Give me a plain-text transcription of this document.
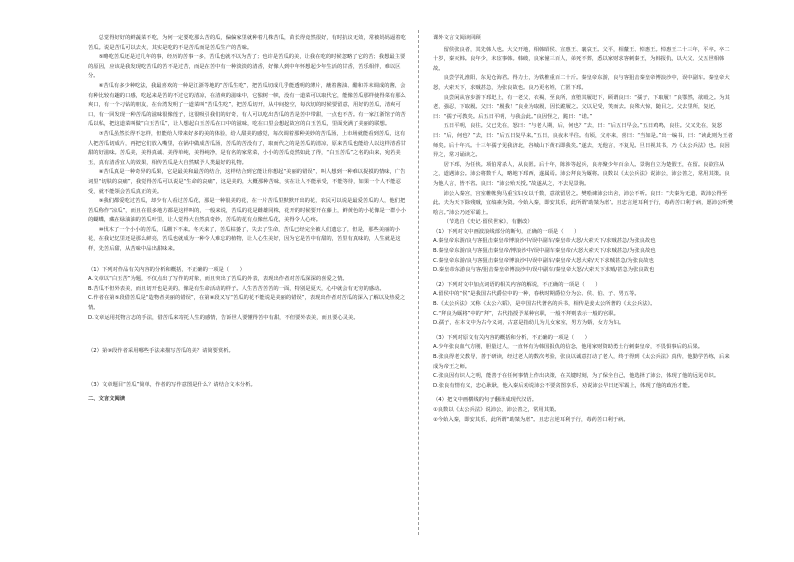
总觉得好好的鲜蔬菜不吃，为何一定要吃那么苦的瓜，偏偏家里就种着几株苦瓜，苗长得竟然很好，有时抗议无效，常被妈妈逼着吃苦瓜。说是苦瓜可以去火，其实是吃的不是苦瓜而是苦瓜生产的苦味。

⑤略吃苦瓜还是过几年的事，经历的苦事一多，苦瓜也就不以为苦了；也许是苦瓜的美，让我在吃的时候忽略了它的苦；我想最主要的原因，应该是我发现吃苦瓜的苦不是过苦，而是在苦中有一种淡淡的清香，好像人到中年怀想起少年生活的甘香，苦乐相伴，难以区分。

⑥苦瓜有多少种吃法，我最喜欢的一种是江浙等地的“苦瓜生吃”，把苦瓜切成几乎能透明的薄片，蘸着酱油、醋和芥末调成的酱，会有种比较有趣的口感，吃起来是苦的不过它的清凉，在清爽的滋味中，它独树一帜，没有一道菜可以取代它，能像苦瓜那样使得菜有那么爽口，有一个刁钻的朋友，在台湾发明了一道菜叫“苦瓜生吃”，把苦瓜切开，从中间挖空，每次切的时候要留意，用好的苦瓜，清爽可口，有一回发现一种苦瓜的滋味很像莲子，这很吸引我们的好奇，有人可以吃出苦瓜的苦是苦中带甜，一点也不苦。有一家江浙馆子的苦瓜以私，把这道菜叫做“白玉苦瓜”，让人想起白玉苦瓜在口中的滋味，吃在口里会想起故宫的白玉苦瓜，里面充满了美丽的联想。

⑦苦瓜虽然长得不怎样，但能给人带来好多的美的体验，给人甜美的感觉，每次调着那种美妙的苦瓜汤，上市场就能看到苦瓜，这有人把苦瓜切成片，再把它们放入嘴里，在锅中做成苦瓜汤，苦瓜的苦没有了，取而代之的是苦瓜的清凉，原来苦瓜也能给人以这样清香甘甜的好滋味。苦瓜美，美得真诚、美得单纯，美得纯净，是有名的家常菜，小小的苦瓜竟然如此了得，“白玉苦瓜”之名的由来，宛若美玉，真有清香宜人的效果，相传苦瓜是大自然赋予人类最好的礼物。

⑧苦瓜真是一种奇异的瓜果，它是最美和最苦的结合，这样结合到它能让你想起“美丽的错误”，叫人想到一种难以捉摸的情味，广告词里“切肤的哀痛”，我觉得苦瓜可以说是“生命的哀痛”，这是美的，大概那种苦味，实在让人不能承受，不能等待，如果一个人不能忍受，就不能领会苦瓜真正的美。

⑨我们都爱吃过苦瓜，却少有人看过苦瓜花，那是一种很美的花，在一片苦瓜里默默开出的花，农民可以说是最爱苦瓜的人，他们把苦瓜称作“凉瓜”，而且在很多地方都是这样叫的，一般来说，苦瓜的花是雌雄同株，花开的时候要开在藤上，鲜黄色的小花像是一群小小的蝴蝶，藏在绿油油的苦瓜叶里，让人觉得大自然真奇妙，苦瓜的花有点像丝瓜花，美得令人心疼。

⑩伐木了一个小小的苦瓜，瓜棚下不来。冬天来了，苦瓜枯萎了，失去了生命，苦瓜已经完全被人们遗忘了，但是，那些美丽的小花，在我记忆里还是那么鲜亮，苦瓜也就成为一种令人难忘的植物，让人心生美好，因为它是苦中有甜的，苦里有真味的，人生就是这样，先苦后甜，从苦味中品出甜味来。

（1）下列对作品有关内容的分析和概括，不正确的一项是（　　）

A.文章以“白玉苦”为题，不仅点出了写作的对象，而且突出了苦瓜的外表，表现出作者对苦瓜深深的喜爱之情。

B.苦瓜不但外表美，而且切开也是美的，像是有生命活动的样子。人生苦苦苦苦的一面，特别是夏天，心中就会有无穷的感动。

C.作者在第⑤段借苦瓜是“造物者美丽的错误”，在第⑧段又写“苦瓜的花不能说是美丽的错误”，表现出作者对苦瓜的深入了解以及热爱之情。

D.文章运用托物言志的手法，借苦瓜来寄托人生的感情，告诉世人要懂得苦中有甜，不但要外表美，而且要心灵美。

（2）第⑨段作者采用哪些手法来描写苦瓜的美？请简要赏析。

（3）文章题目“苦瓜”简单，作者的写作意图是什么？请结合文本分析。

二、文言文阅读

课外文言文阅读回顾

留侯张良者，其先韩人也。大父开地，相韩昭侯、宣惠王、襄哀王。父平，相釐王、悼惠王。悼惠王二十三年，平卒。卒二十岁，秦灭韩。良年少，未宦事韩。韩破，良家僮三百人，弟死不葬，悉以家财求客刺秦王，为韩报仇，以大父、父五世相韩故。

良尝学礼淮阳，东见仓海君。得力士，为铁椎重百二十斤。秦皇帝东游，良与客狙击秦皇帝博浪沙中，误中副车。秦皇帝大怒，大索天下，求贼甚急，为张良故也。良乃更名姓，亡匿下邳。

良尝闲从容步游下邳圯上，有一老父，衣褐，至良所，直堕其履圯下，顾谓良曰：“孺子，下取履！”良鄂然，欲殴之。为其老，强忍，下取履。父曰：“履我！”良业为取履，因长跪履之。父以足受，笑而去。良殊大惊，随目之。父去里所，复还，曰：“孺子可教矣。后五日平明，与我会此。”良因怪之，跪曰：“诺。”

五日平明，良往。父已先在，怒曰：“与老人期，后，何也？”去，曰：“后五日早会。”五日鸡鸣，良往。父又先在，复怒曰：“后，何也？”去，曰：“后五日复早来。”五日，良夜未半往。有顷，父亦来，喜曰：“当如是。”出一编书，曰：“读此则为王者师矣。后十年兴。十三年孺子见我济北，谷城山下黄石即我矣。”遂去，无他言，不复见。旦日视其书，乃《太公兵法》也。良因异之，常习诵读之。

居下邳，为任侠。项伯常杀人，从良匿。后十年，陈涉等起兵，良亦聚少年百余人。景驹自立为楚假王，在留。良欲往从之，道遇沛公。沛公将数千人，略地下邳西，遂属焉。沛公拜良为厩将。良数以《太公兵法》说沛公，沛公善之，常用其策。良为他人言，皆不省。良曰：“沛公殆天授。”故遂从之，不去见景驹。

沛公入秦宫，宫室帷帐狗马重宝妇女以千数，意欲留居之。樊哙谏沛公出舍，沛公不听。良曰：“夫秦为无道，故沛公得至此。夫为天下除残贼，宜缟素为资。今始入秦，即安其乐，此所谓‘助桀为虐’。且忠言逆耳利于行，毒药苦口利于病，愿沛公听樊哙言。”沛公乃还军霸上。

（节选自《史记·留侯世家》，有删改）

（1）下列对文中画波浪线部分的断句，正确的一项是（　　）

A.秦皇帝东游/良与客狙击秦皇帝博浪沙中/误中副车/秦皇帝大怒/大索天下/求贼甚急/为张良故也

B.秦皇帝东游/良与客狙击秦皇帝/博浪沙中/误中副车秦皇帝/大怒大索天下/求贼甚急/为张良故也

C.秦皇帝东游/良与客狙击秦皇帝博浪沙中/误中副车/秦皇帝大怒大索/天下求贼甚急/为张良故也

D.秦皇帝东游良与客/狙击秦皇帝博浪沙中/误中副车/秦皇帝大怒/大索天下求贼/甚急为张良故也

（2）下列对文中加点词语的相关内容的解说，不正确的一项是（　　）

A.留侯中的“侯”是我国古代爵位中的一种，春秋时期爵位分为公、侯、伯、子、男五等。

B.《太公兵法》又称《太公六韬》，是中国古代著名的兵书，相传是姜太公所著的《太公兵法》。

C.“拜良为厩将”中的“拜”，古代指授予某种官职，一般不拜则表示一般的官职。

D.孺子，在本文中为古今义词，古意是指幼儿为儿女家室，男方为婿，女方为妇。

（3）下列对原文有关内容的概括和分析，不正确的一项是（　　）

A.少年张良血气方刚，胆量过人，一直怀有为韩国报仇的信念，他用家财资助勇士行刺秦皇帝，不畏惧事后的后果。

B.张良得老父教导，善于研读，经过老人的数次考验，张良以诚意打动了老人，终于得到《太公兵法》真传，他勤学苦练，后来成为帝王之师。

C.张良因有识人之明，能善于在任何事情上作出决策，在关键时刻，为了保全自己，他选择了沛公，体现了他的远见卓识。

D.张良有情有义，忠心耿耿，他入秦后劝说沛公不要贪图享乐，劝说沛公早日还军霸上，体现了他的政治才能。

（4）把文中画横线的句子翻译成现代汉语。

①良数以《太公兵法》说沛公，沛公善之，常用其策。

②今始入秦，即安其乐，此所谓“助桀为虐”。且忠言逆耳利于行，毒药苦口利于病。
